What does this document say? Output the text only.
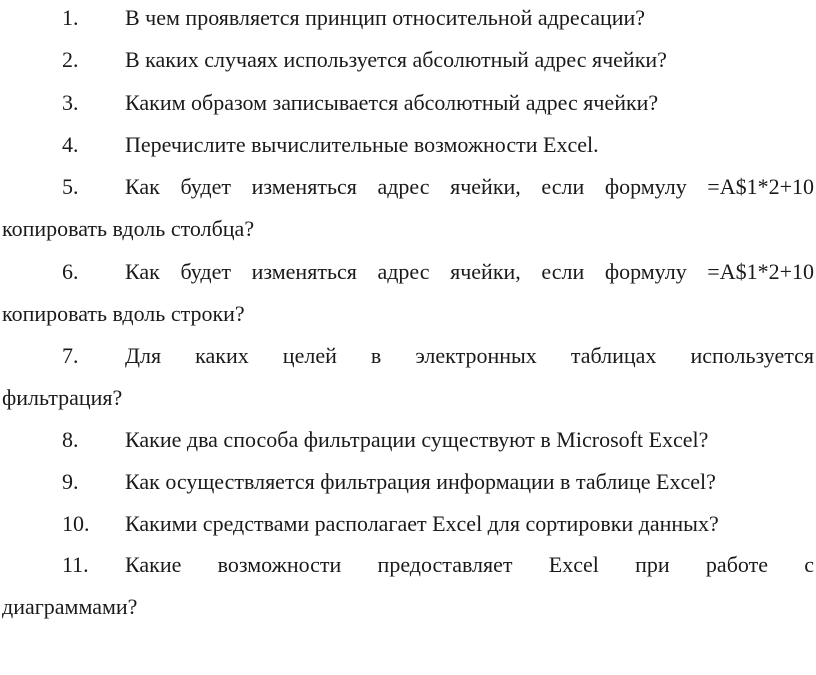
1. В чем проявляется принцип относительной адресации?
2. В каких случаях используется абсолютный адрес ячейки?
3. Каким образом записывается абсолютный адрес ячейки?
4. Перечислите вычислительные возможности Excel.
5. Как будет изменяться адрес ячейки, если формулу =A$1*2+10
копировать вдоль столбца?
6. Как будет изменяться адрес ячейки, если формулу =A$1*2+10
копировать вдоль строки?
7. Для каких целей в электронных таблицах используется
фильтрация?
8. Какие два способа фильтрации существуют в Microsoft Excel?
9. Как осуществляется фильтрация информации в таблице Excel?
10. Какими средствами располагает Excel для сортировки данных?
11. Какие возможности предоставляет Excel при работе с
диаграммами?
